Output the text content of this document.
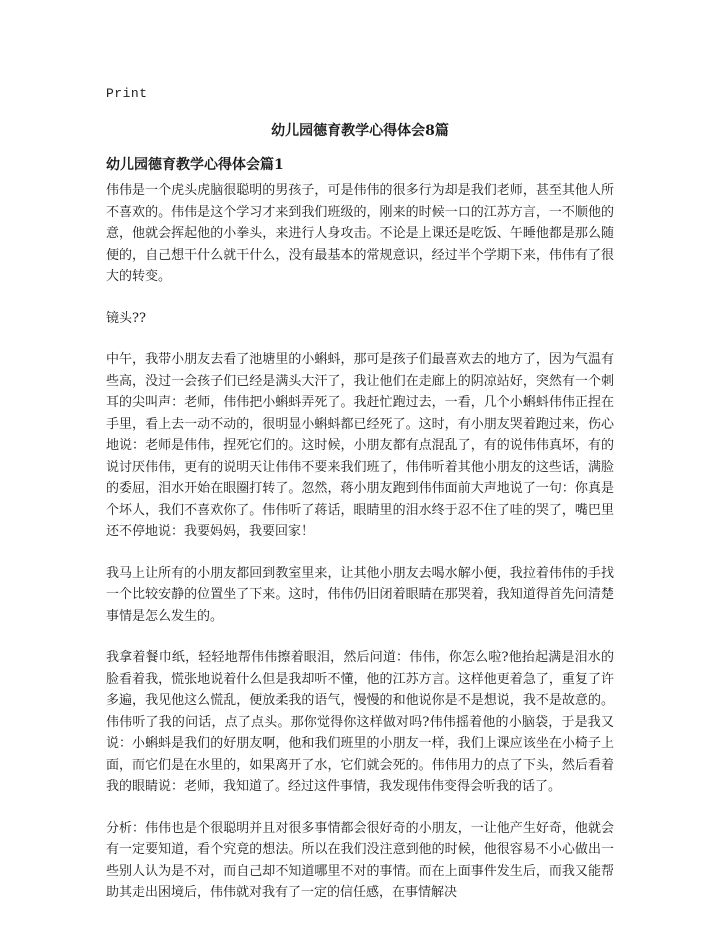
Print

幼儿园德育教学心得体会8篇
幼儿园德育教学心得体会篇1

伟伟是一个虎头虎脑很聪明的男孩子，可是伟伟的很多行为却是我们老师，甚至其他人所不喜欢的。伟伟是这个学习才来到我们班级的，刚来的时候一口的江苏方言，一不顺他的意，他就会挥起他的小拳头，来进行人身攻击。不论是上课还是吃饭、午睡他都是那么随便的，自己想干什么就干什么，没有最基本的常规意识，经过半个学期下来，伟伟有了很大的转变。

镜头??

中午，我带小朋友去看了池塘里的小蝌蚪，那可是孩子们最喜欢去的地方了，因为气温有些高，没过一会孩子们已经是满头大汗了，我让他们在走廊上的阴凉站好，突然有一个刺耳的尖叫声：老师，伟伟把小蝌蚪弄死了。我赶忙跑过去，一看，几个小蝌蚪伟伟正捏在手里，看上去一动不动的，很明显小蝌蚪都已经死了。这时，有小朋友哭着跑过来，伤心地说：老师是伟伟，捏死它们的。这时候，小朋友都有点混乱了，有的说伟伟真坏，有的说讨厌伟伟，更有的说明天让伟伟不要来我们班了，伟伟听着其他小朋友的这些话，满脸的委屈，泪水开始在眼圈打转了。忽然，蒋小朋友跑到伟伟面前大声地说了一句：你真是个坏人，我们不喜欢你了。伟伟听了蒋话，眼睛里的泪水终于忍不住了哇的哭了，嘴巴里还不停地说：我要妈妈，我要回家！

我马上让所有的小朋友都回到教室里来，让其他小朋友去喝水解小便，我拉着伟伟的手找一个比较安静的位置坐了下来。这时，伟伟仍旧闭着眼睛在那哭着，我知道得首先问清楚事情是怎么发生的。

我拿着餐巾纸，轻轻地帮伟伟擦着眼泪，然后问道：伟伟，你怎么啦?他抬起满是泪水的脸看着我，慌张地说着什么但是我却听不懂，他的江苏方言。这样他更着急了，重复了许多遍，我见他这么慌乱，便放柔我的语气，慢慢的和他说你是不是想说，我不是故意的。伟伟听了我的问话，点了点头。那你觉得你这样做对吗?伟伟摇着他的小脑袋，于是我又说：小蝌蚪是我们的好朋友啊，他和我们班里的小朋友一样，我们上课应该坐在小椅子上面，而它们是在水里的，如果离开了水，它们就会死的。伟伟用力的点了下头，然后看着我的眼睛说：老师，我知道了。经过这件事情，我发现伟伟变得会听我的话了。

分析：伟伟也是个很聪明并且对很多事情都会很好奇的小朋友，一让他产生好奇，他就会有一定要知道，看个究竟的想法。所以在我们没注意到他的时候，他很容易不小心做出一些别人认为是不对，而自己却不知道哪里不对的事情。而在上面事件发生后，而我又能帮助其走出困境后，伟伟就对我有了一定的信任感，在事情解决
